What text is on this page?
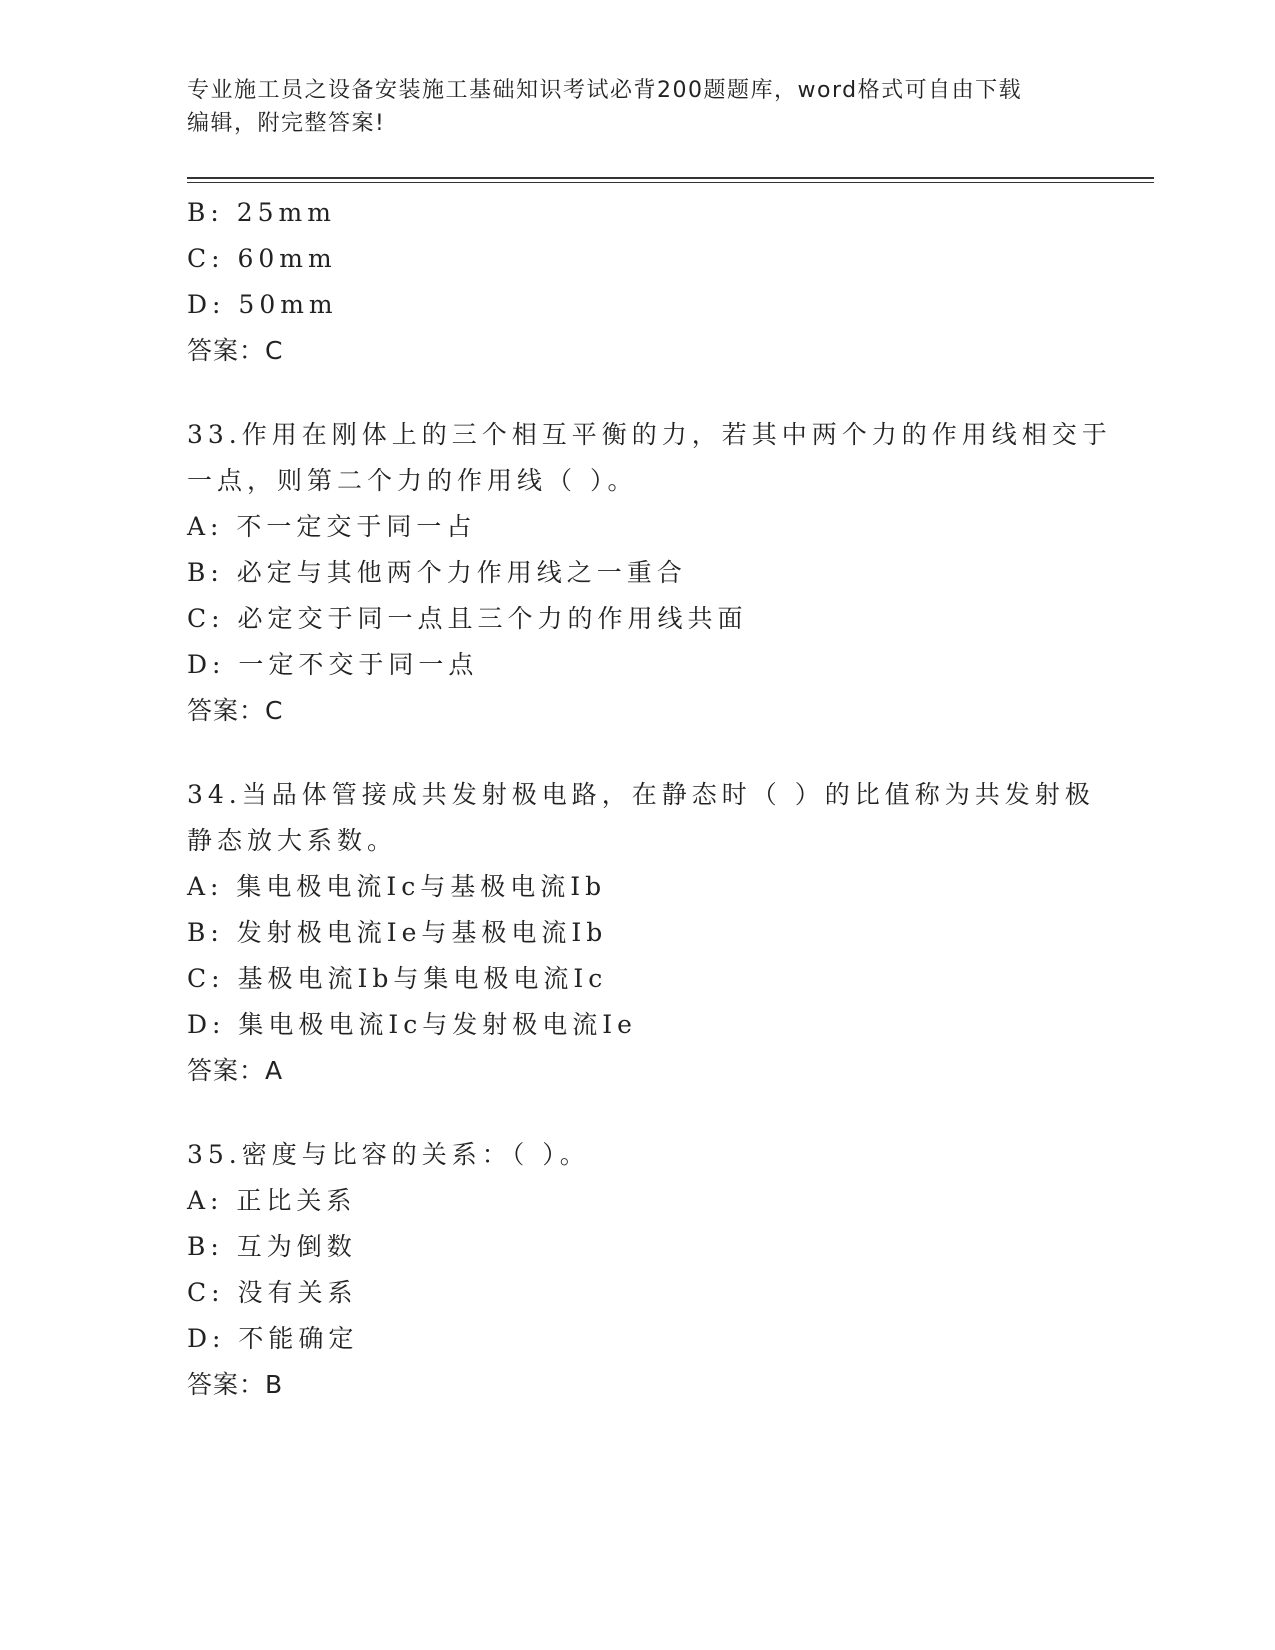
专业施工员之设备安装施工基础知识考试必背200题题库，word格式可自由下载
编辑，附完整答案!
B: 25mm
C: 60mm
D: 50mm
答案：C
33.作用在刚体上的三个相互平衡的力，若其中两个力的作用线相交于
一点，则第二个力的作用线（ ）。
A: 不一定交于同一占
B: 必定与其他两个力作用线之一重合
C: 必定交于同一点且三个力的作用线共面
D: 一定不交于同一点
答案：C
34.当品体管接成共发射极电路，在静态时（ ）的比值称为共发射极
静态放大系数。
A: 集电极电流Ic与基极电流Ib
B: 发射极电流Ie与基极电流Ib
C: 基极电流Ib与集电极电流Ic
D: 集电极电流Ic与发射极电流Ie
答案：A
35.密度与比容的关系：（ ）。
A: 正比关系
B: 互为倒数
C: 没有关系
D: 不能确定
答案：B
